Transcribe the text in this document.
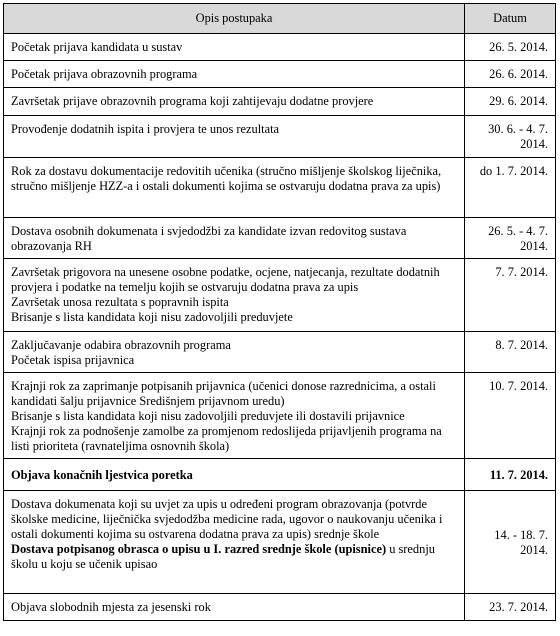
Opis postupaka	Datum

Početak prijava kandidata u sustav	26. 5. 2014.

Početak prijava obrazovnih programa	26. 6. 2014.

Završetak prijave obrazovnih programa koji zahtijevaju dodatne provjere	29. 6. 2014.

Provođenje dodatnih ispita i provjera te unos rezultata	30. 6. - 4. 7. 2014.

Rok za dostavu dokumentacije redovitih učenika (stručno mišljenje školskog liječnika, stručno mišljenje HZZ-a i ostali dokumenti kojima se ostvaruju dodatna prava za upis)	do 1. 7. 2014.

Dostava osobnih dokumenata i svjedodžbi za kandidate izvan redovitog sustava obrazovanja RH	26. 5. - 4. 7. 2014.

Završetak prigovora na unesene osobne podatke, ocjene, natjecanja, rezultate dodatnih provjera i podatke na temelju kojih se ostvaruju dodatna prava za upis
Završetak unosa rezultata s popravnih ispita
Brisanje s lista kandidata koji nisu zadovoljili preduvjete	7. 7. 2014.

Zaključavanje odabira obrazovnih programa
Početak ispisa prijavnica	8. 7. 2014.

Krajnji rok za zaprimanje potpisanih prijavnica (učenici donose razrednicima, a ostali kandidati šalju prijavnice Središnjem prijavnom uredu)
Brisanje s lista kandidata koji nisu zadovoljili preduvjete ili dostavili prijavnice
Krajnji rok za podnošenje zamolbe za promjenom redoslijeda prijavljenih programa na listi prioriteta (ravnateljima osnovnih škola)	10. 7. 2014.

Objava konačnih ljestvica poretka	11. 7. 2014.

Dostava dokumenata koji su uvjet za upis u određeni program obrazovanja (potvrde školske medicine, liječnička svjedodžba medicine rada, ugovor o naukovanju učenika i ostali dokumenti kojima su ostvarena dodatna prava za upis) srednje škole
Dostava potpisanog obrasca o upisu u I. razred srednje škole (upisnice) u srednju školu u koju se učenik upisao	14. - 18. 7. 2014.

Objava slobodnih mjesta za jesenski rok	23. 7. 2014.
